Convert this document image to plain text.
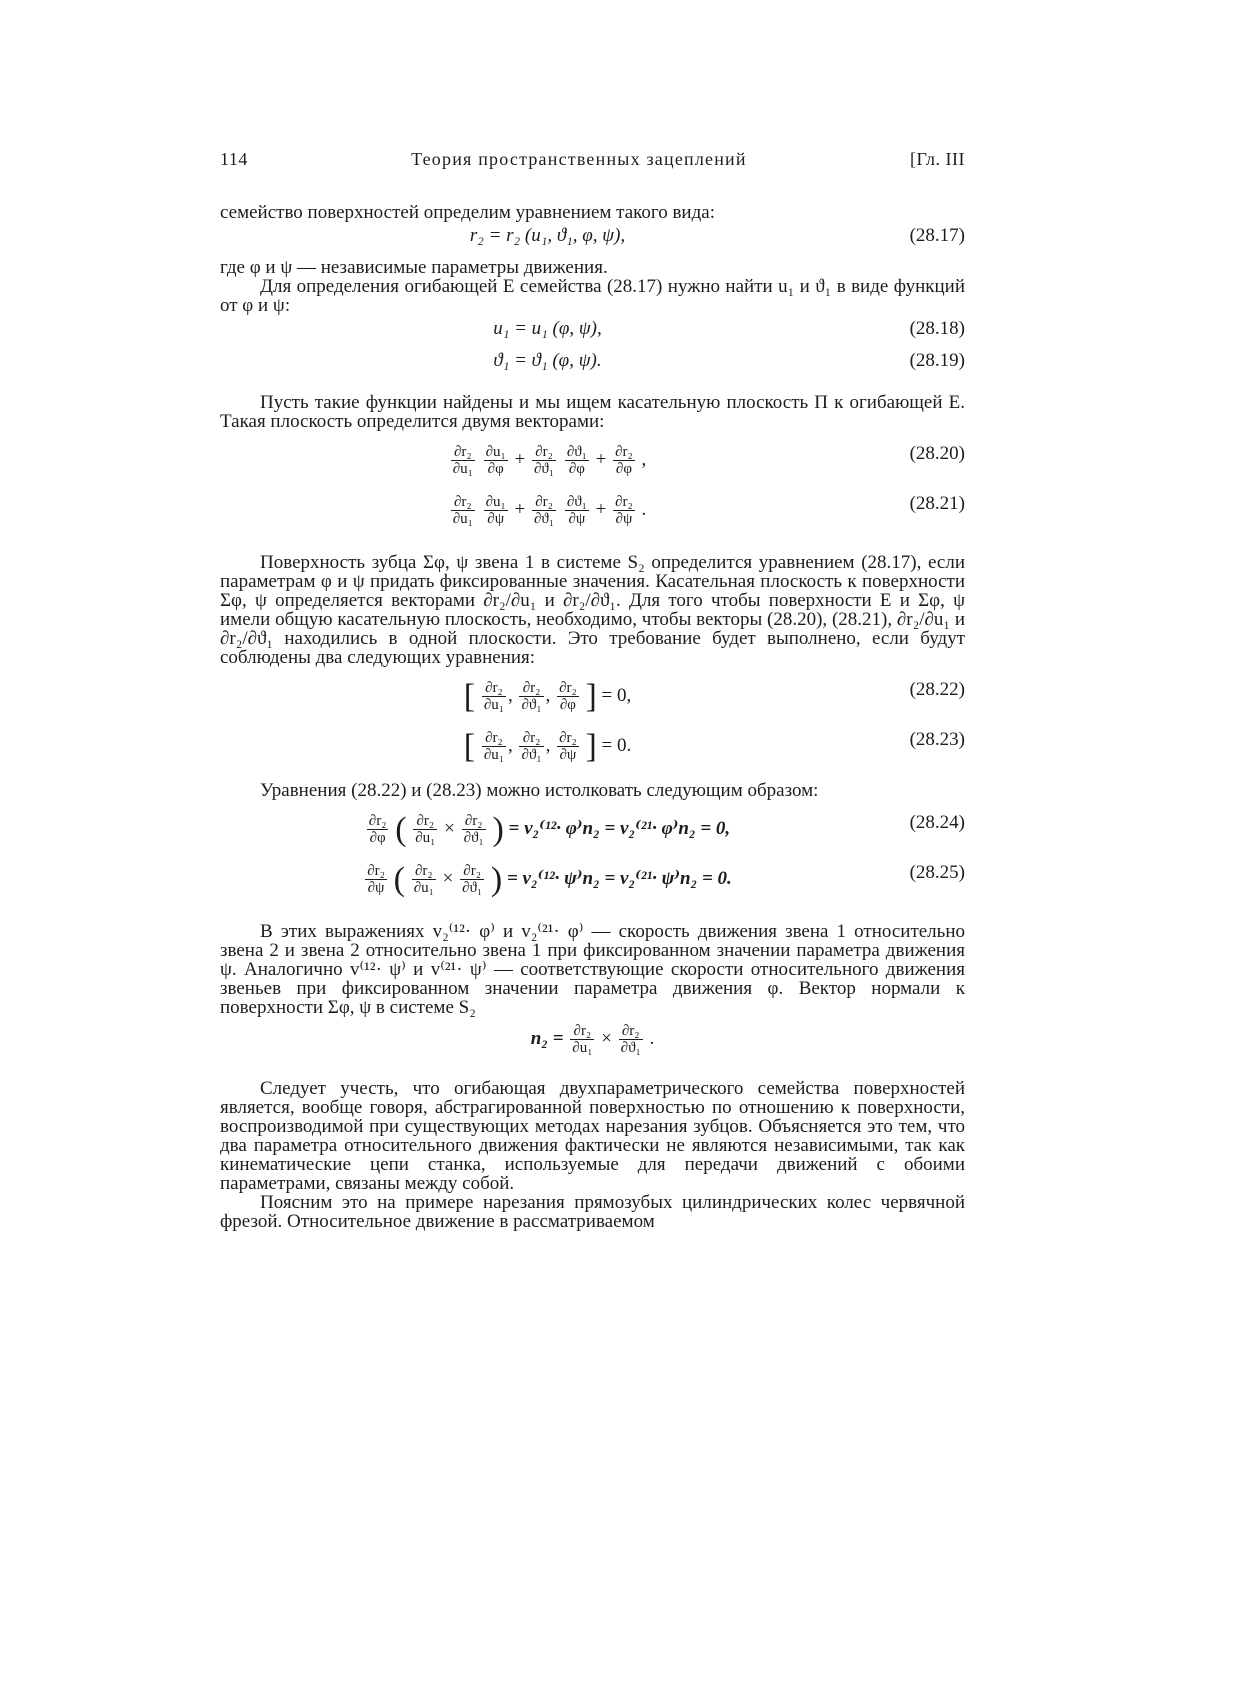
114	Теория пространственных зацеплений	[Гл. III

семейство поверхностей определим уравнением такого вида:

r₂ = r₂ (u₁, ϑ₁, φ, ψ),	(28.17)

где φ и ψ — независимые параметры движения.

Для определения огибающей E семейства (28.17) нужно найти u₁ и ϑ₁ в виде функций от φ и ψ:

u₁ = u₁ (φ, ψ),	(28.18)
ϑ₁ = ϑ₁ (φ, ψ).	(28.19)

Пусть такие функции найдены и мы ищем касательную плоскость Π к огибающей E. Такая плоскость определится двумя векторами:

$\frac{\text{∂r₂}}{\text{∂u₁}}$
$\frac{\text{∂u₁}}{\partial\varphi} + \frac{\text{∂r₂}}{\text{∂ϑ₁}}$
$\frac{\text{∂ϑ₁}}{\partial\varphi} + \frac{\text{∂r₂}}{\partial\varphi}$ ,	(28.20)
$\frac{\text{∂r₂}}{\text{∂u₁}}$
$\frac{\text{∂u₁}}{\partial\psi} + \frac{\text{∂r₂}}{\text{∂ϑ₁}}$
$\frac{\text{∂ϑ₁}}{\partial\psi} + \frac{\text{∂r₂}}{\partial\psi}$ .	(28.21)

Поверхность зубца Σφ, ψ звена 1 в системе S₂ определится уравнением (28.17), если параметрам φ и ψ придать фиксированные значения. Касательная плоскость к поверхности Σφ, ψ определяется векторами ∂r₂/∂u₁ и ∂r₂/∂ϑ₁. Для того чтобы поверхности E и Σφ, ψ имели общую касательную плоскость, необходимо, чтобы векторы (28.20), (28.21), ∂r₂/∂u₁ и ∂r₂/∂ϑ₁ находились в одной плоскости. Это требование будет выполнено, если будут соблюдены два следующих уравнения:

[ $\frac{\text{∂r₂}}{\text{∂u₁}}$ , $\frac{\text{∂r₂}}{\text{∂ϑ₁}}$ , $\frac{\text{∂r₂}}{\partial\varphi}$ ] = 0,	(28.22)
[ $\frac{\text{∂r₂}}{\text{∂u₁}}$ , $\frac{\text{∂r₂}}{\text{∂ϑ₁}}$ , $\frac{\text{∂r₂}}{\partial\psi}$ ] = 0.	(28.23)

Уравнения (28.22) и (28.23) можно истолковать следующим образом:

$\frac{\text{∂r₂}}{\partial\varphi}$ ( $\frac{\text{∂r₂}}{\text{∂u₁}} \times \frac{\text{∂r₂}}{\text{∂ϑ₁}}$ ) = v₂⁽¹²· φ⁾n₂ = v₂⁽²¹· φ⁾n₂ = 0,	(28.24)
$\frac{\text{∂r₂}}{\partial\psi}$ ( $\frac{\text{∂r₂}}{\text{∂u₁}} \times \frac{\text{∂r₂}}{\text{∂ϑ₁}}$ ) = v₂⁽¹²· ψ⁾n₂ = v₂⁽²¹· ψ⁾n₂ = 0.	(28.25)

В этих выражениях v₂⁽¹²· φ⁾ и v₂⁽²¹· φ⁾ — скорость движения звена 1 относительно звена 2 и звена 2 относительно звена 1 при фиксированном значении параметра движения ψ. Аналогично v⁽¹²· ψ⁾ и v⁽²¹· ψ⁾ — соответствующие скорости относительного движения звеньев при фиксированном значении параметра движения φ. Вектор нормали к поверхности Σφ, ψ в системе S₂

$n_2 = \frac{\text{∂r₂}}{\text{∂u₁}} \times \frac{\text{∂r₂}}{\text{∂ϑ₁}}$ .

Следует учесть, что огибающая двухпараметрического семейства поверхностей является, вообще говоря, абстрагированной поверхностью по отношению к поверхности, воспроизводимой при существующих методах нарезания зубцов. Объясняется это тем, что два параметра относительного движения фактически не являются независимыми, так как кинематические цепи станка, используемые для передачи движений с обоими параметрами, связаны между собой.

Поясним это на примере нарезания прямозубых цилиндрических колес червячной фрезой. Относительное движение в рассматриваемом
